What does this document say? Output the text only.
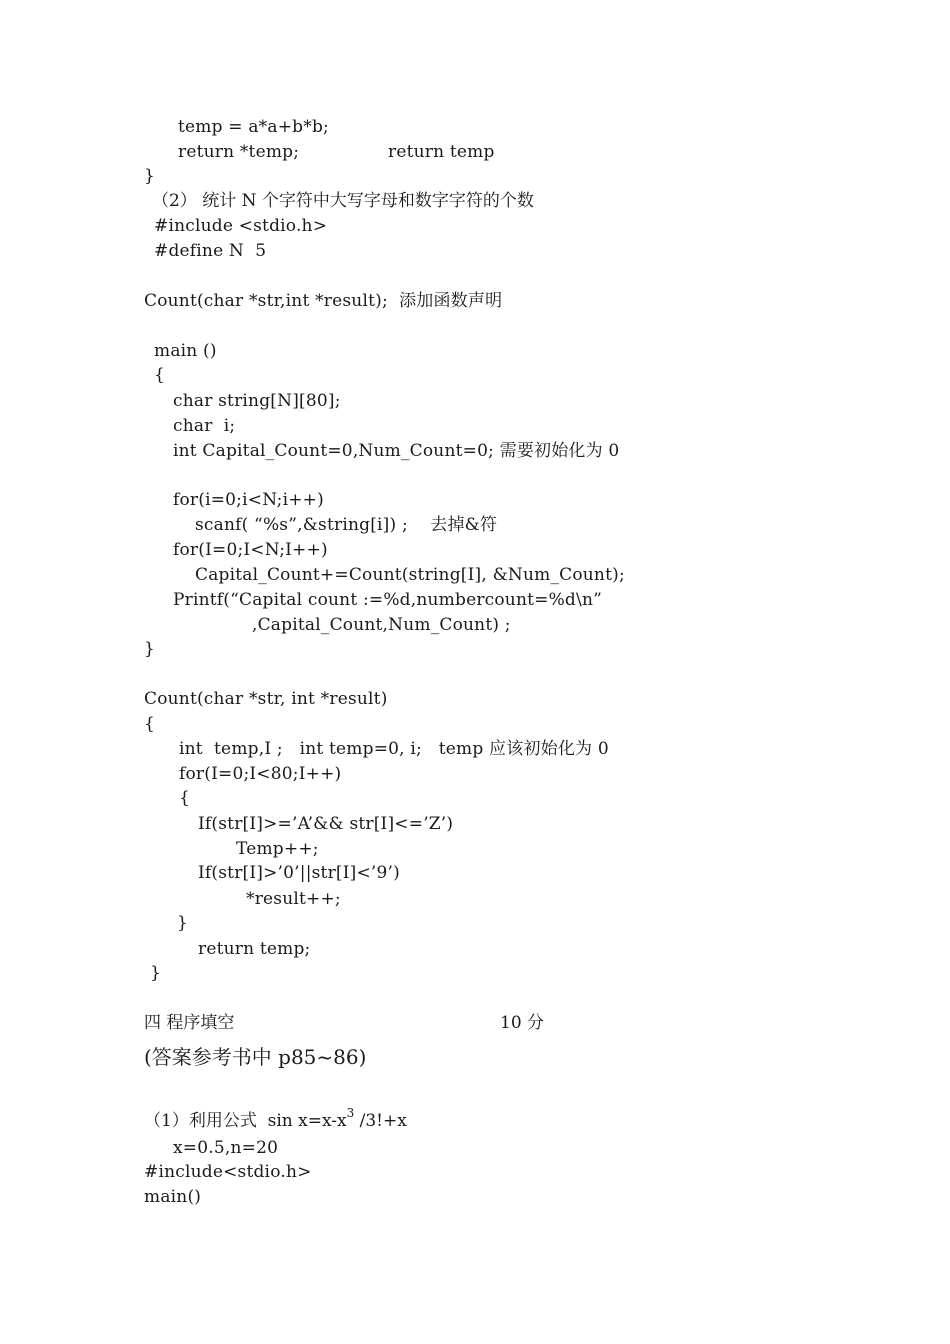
temp = a*a+b*b;
return *temp;	return temp
}
（2） 统计 N 个字符中大写字母和数字字符的个数
#include <stdio.h>
#define N  5
Count(char *str,int *result);  添加函数声明
main ()
{
char string[N][80];
char  i;
int Capital_Count=0,Num_Count=0; 需要初始化为 0
for(i=0;i<N;i++)
scanf( “%s”,&string[i]) ;    去掉&符
for(I=0;I<N;I++)
Capital_Count+=Count(string[I], &Num_Count);
Printf(“Capital count :=%d,numbercount=%d\n”
,Capital_Count,Num_Count) ;
}
Count(char *str, int *result)
{
int  temp,I ;   int temp=0, i;   temp 应该初始化为 0
for(I=0;I<80;I++)
{
If(str[I]>=’A’&& str[I]<=’Z’)
Temp++;
If(str[I]>’0’||str[I]<’9’)
*result++;
}
return temp;
}
四 程序填空	10 分
(答案参考书中 p85~86)
（1）利用公式  $\sin x=x-x^3$ /3!+x
x=0.5,n=20
#include<stdio.h>
main()
